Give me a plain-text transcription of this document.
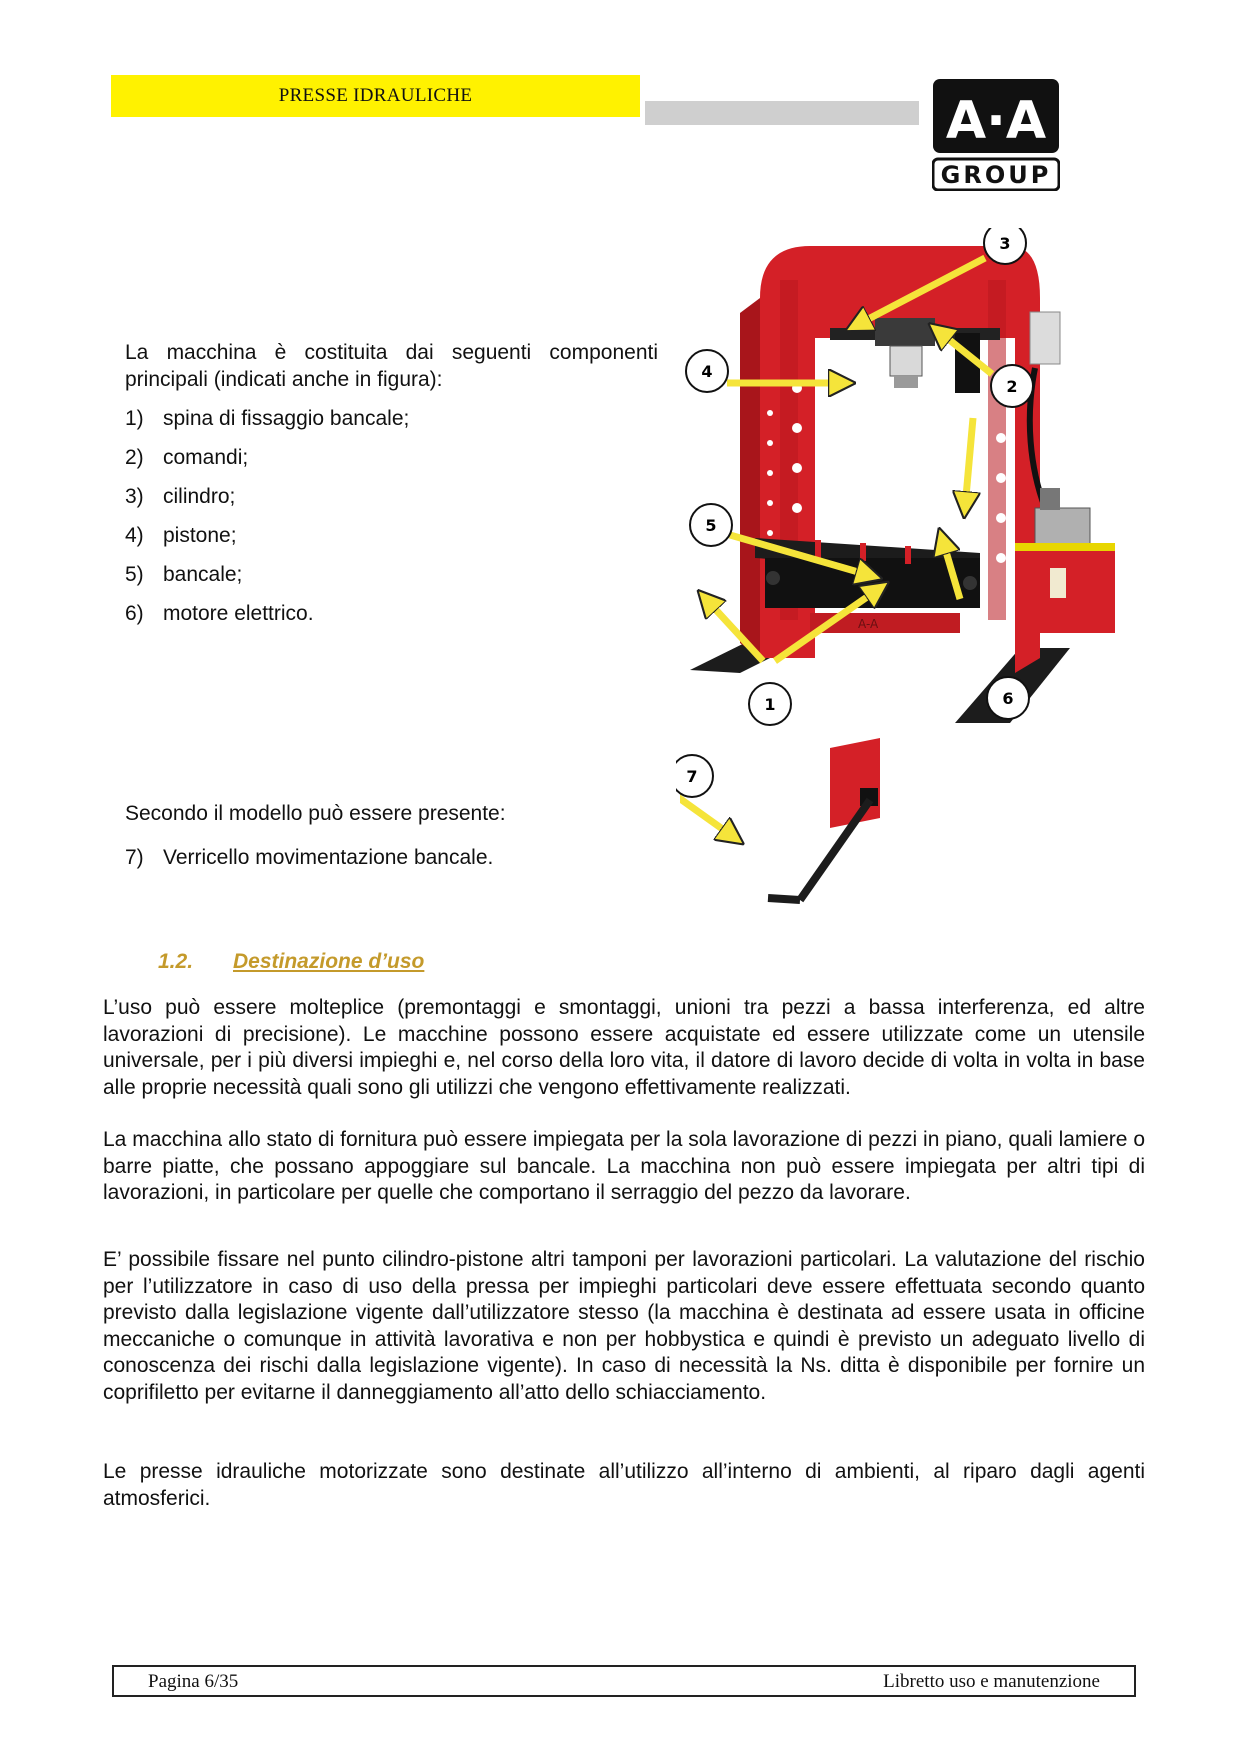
PRESSE IDRAULICHE	A·A
GROUP
La macchina è costituita dai seguenti componenti principali (indicati anche in figura):
1) spina di fissaggio bancale;
2) comandi;
3) cilindro;
4) pistone;
5) bancale;
6) motore elettrico.
Secondo il modello può essere presente:
7) Verricello movimentazione bancale.
A-A
3
2
6
1
4
5
7
1.2. Destinazione d’uso

L’uso può essere molteplice (premontaggi e smontaggi, unioni tra pezzi a bassa interferenza, ed altre lavorazioni di precisione). Le macchine possono essere acquistate ed essere utilizzate come un utensile universale, per i più diversi impieghi e, nel corso della loro vita, il datore di lavoro decide di volta in volta in base alle proprie necessità quali sono gli utilizzi che vengono effettivamente realizzati.

La macchina allo stato di fornitura può essere impiegata per la sola lavorazione di pezzi in piano, quali lamiere o barre piatte, che possano appoggiare sul bancale. La macchina non può essere impiegata per altri tipi di lavorazioni, in particolare per quelle che comportano il serraggio del pezzo da lavorare.

E’ possibile fissare nel punto cilindro-pistone altri tamponi per lavorazioni particolari. La valutazione del rischio per l’utilizzatore in caso di uso della pressa per impieghi particolari deve essere effettuata secondo quanto previsto dalla legislazione vigente dall’utilizzatore stesso (la macchina è destinata ad essere usata in officine meccaniche o comunque in attività lavorativa e non per hobbystica e quindi è previsto un adeguato livello di conoscenza dei rischi dalla legislazione vigente). In caso di necessità la Ns. ditta è disponibile per fornire un coprifiletto per evitarne il danneggiamento all’atto dello schiacciamento.

Le presse idrauliche motorizzate sono destinate all’utilizzo all’interno di ambienti, al riparo dagli agenti atmosferici.

Pagina 6/35	Libretto uso e manutenzione
